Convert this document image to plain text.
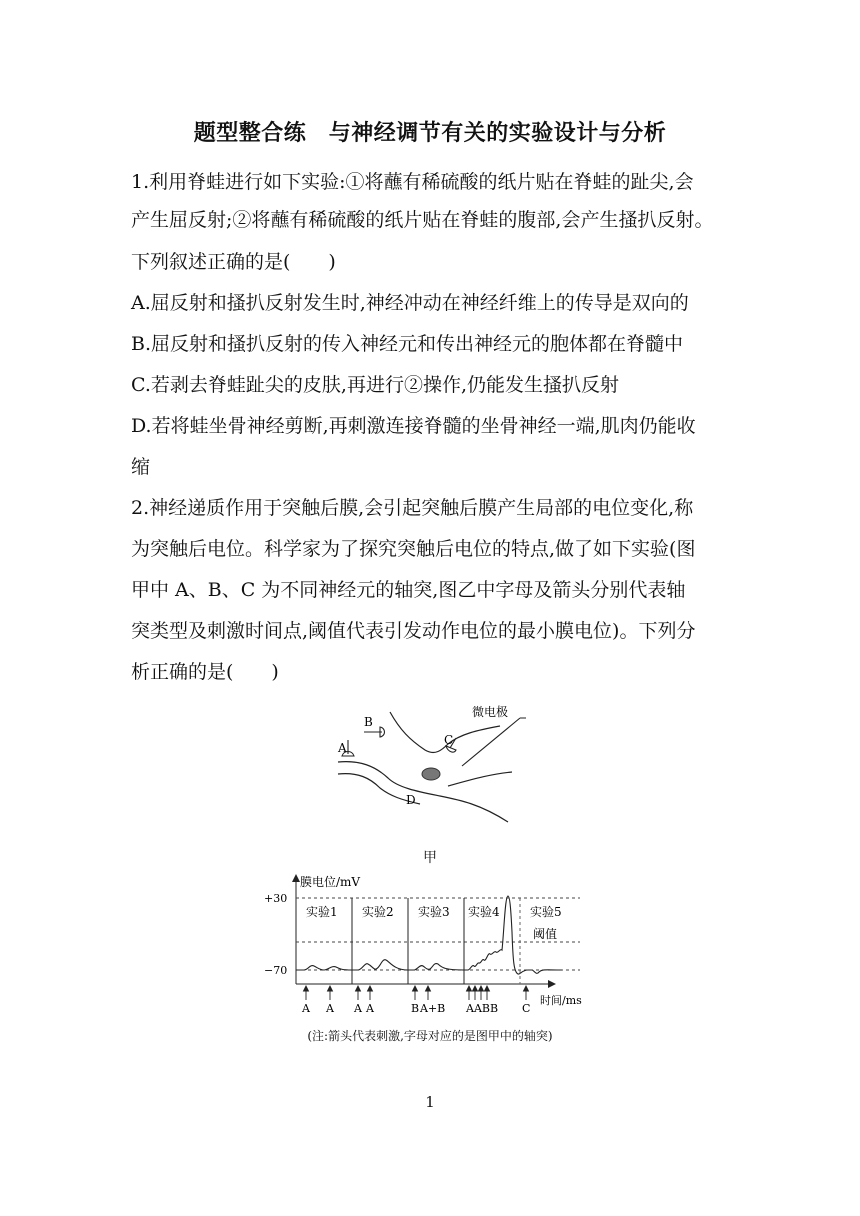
题型整合练　与神经调节有关的实验设计与分析
1.利用脊蛙进行如下实验:①将蘸有稀硫酸的纸片贴在脊蛙的趾尖,会
产生屈反射;②将蘸有稀硫酸的纸片贴在脊蛙的腹部,会产生搔扒反射。
下列叙述正确的是(　　)
A.屈反射和搔扒反射发生时,神经冲动在神经纤维上的传导是双向的
B.屈反射和搔扒反射的传入神经元和传出神经元的胞体都在脊髓中
C.若剥去脊蛙趾尖的皮肤,再进行②操作,仍能发生搔扒反射
D.若将蛙坐骨神经剪断,再刺激连接脊髓的坐骨神经一端,肌肉仍能收
缩
2.神经递质作用于突触后膜,会引起突触后膜产生局部的电位变化,称
为突触后电位。科学家为了探究突触后电位的特点,做了如下实验(图
甲中 A、B、C 为不同神经元的轴突,图乙中字母及箭头分别代表轴
突类型及刺激时间点,阈值代表引发动作电位的最小膜电位)。下列分
析正确的是(　　)
A
B
C
D
微电极
甲
+30
−70
膜电位/mV
时间/ms
实验1 实验2 实验3 实验4	实验5
阈值
A A A A	B A+B AABB C
(注:箭头代表刺激,字母对应的是图甲中的轴突)
1
